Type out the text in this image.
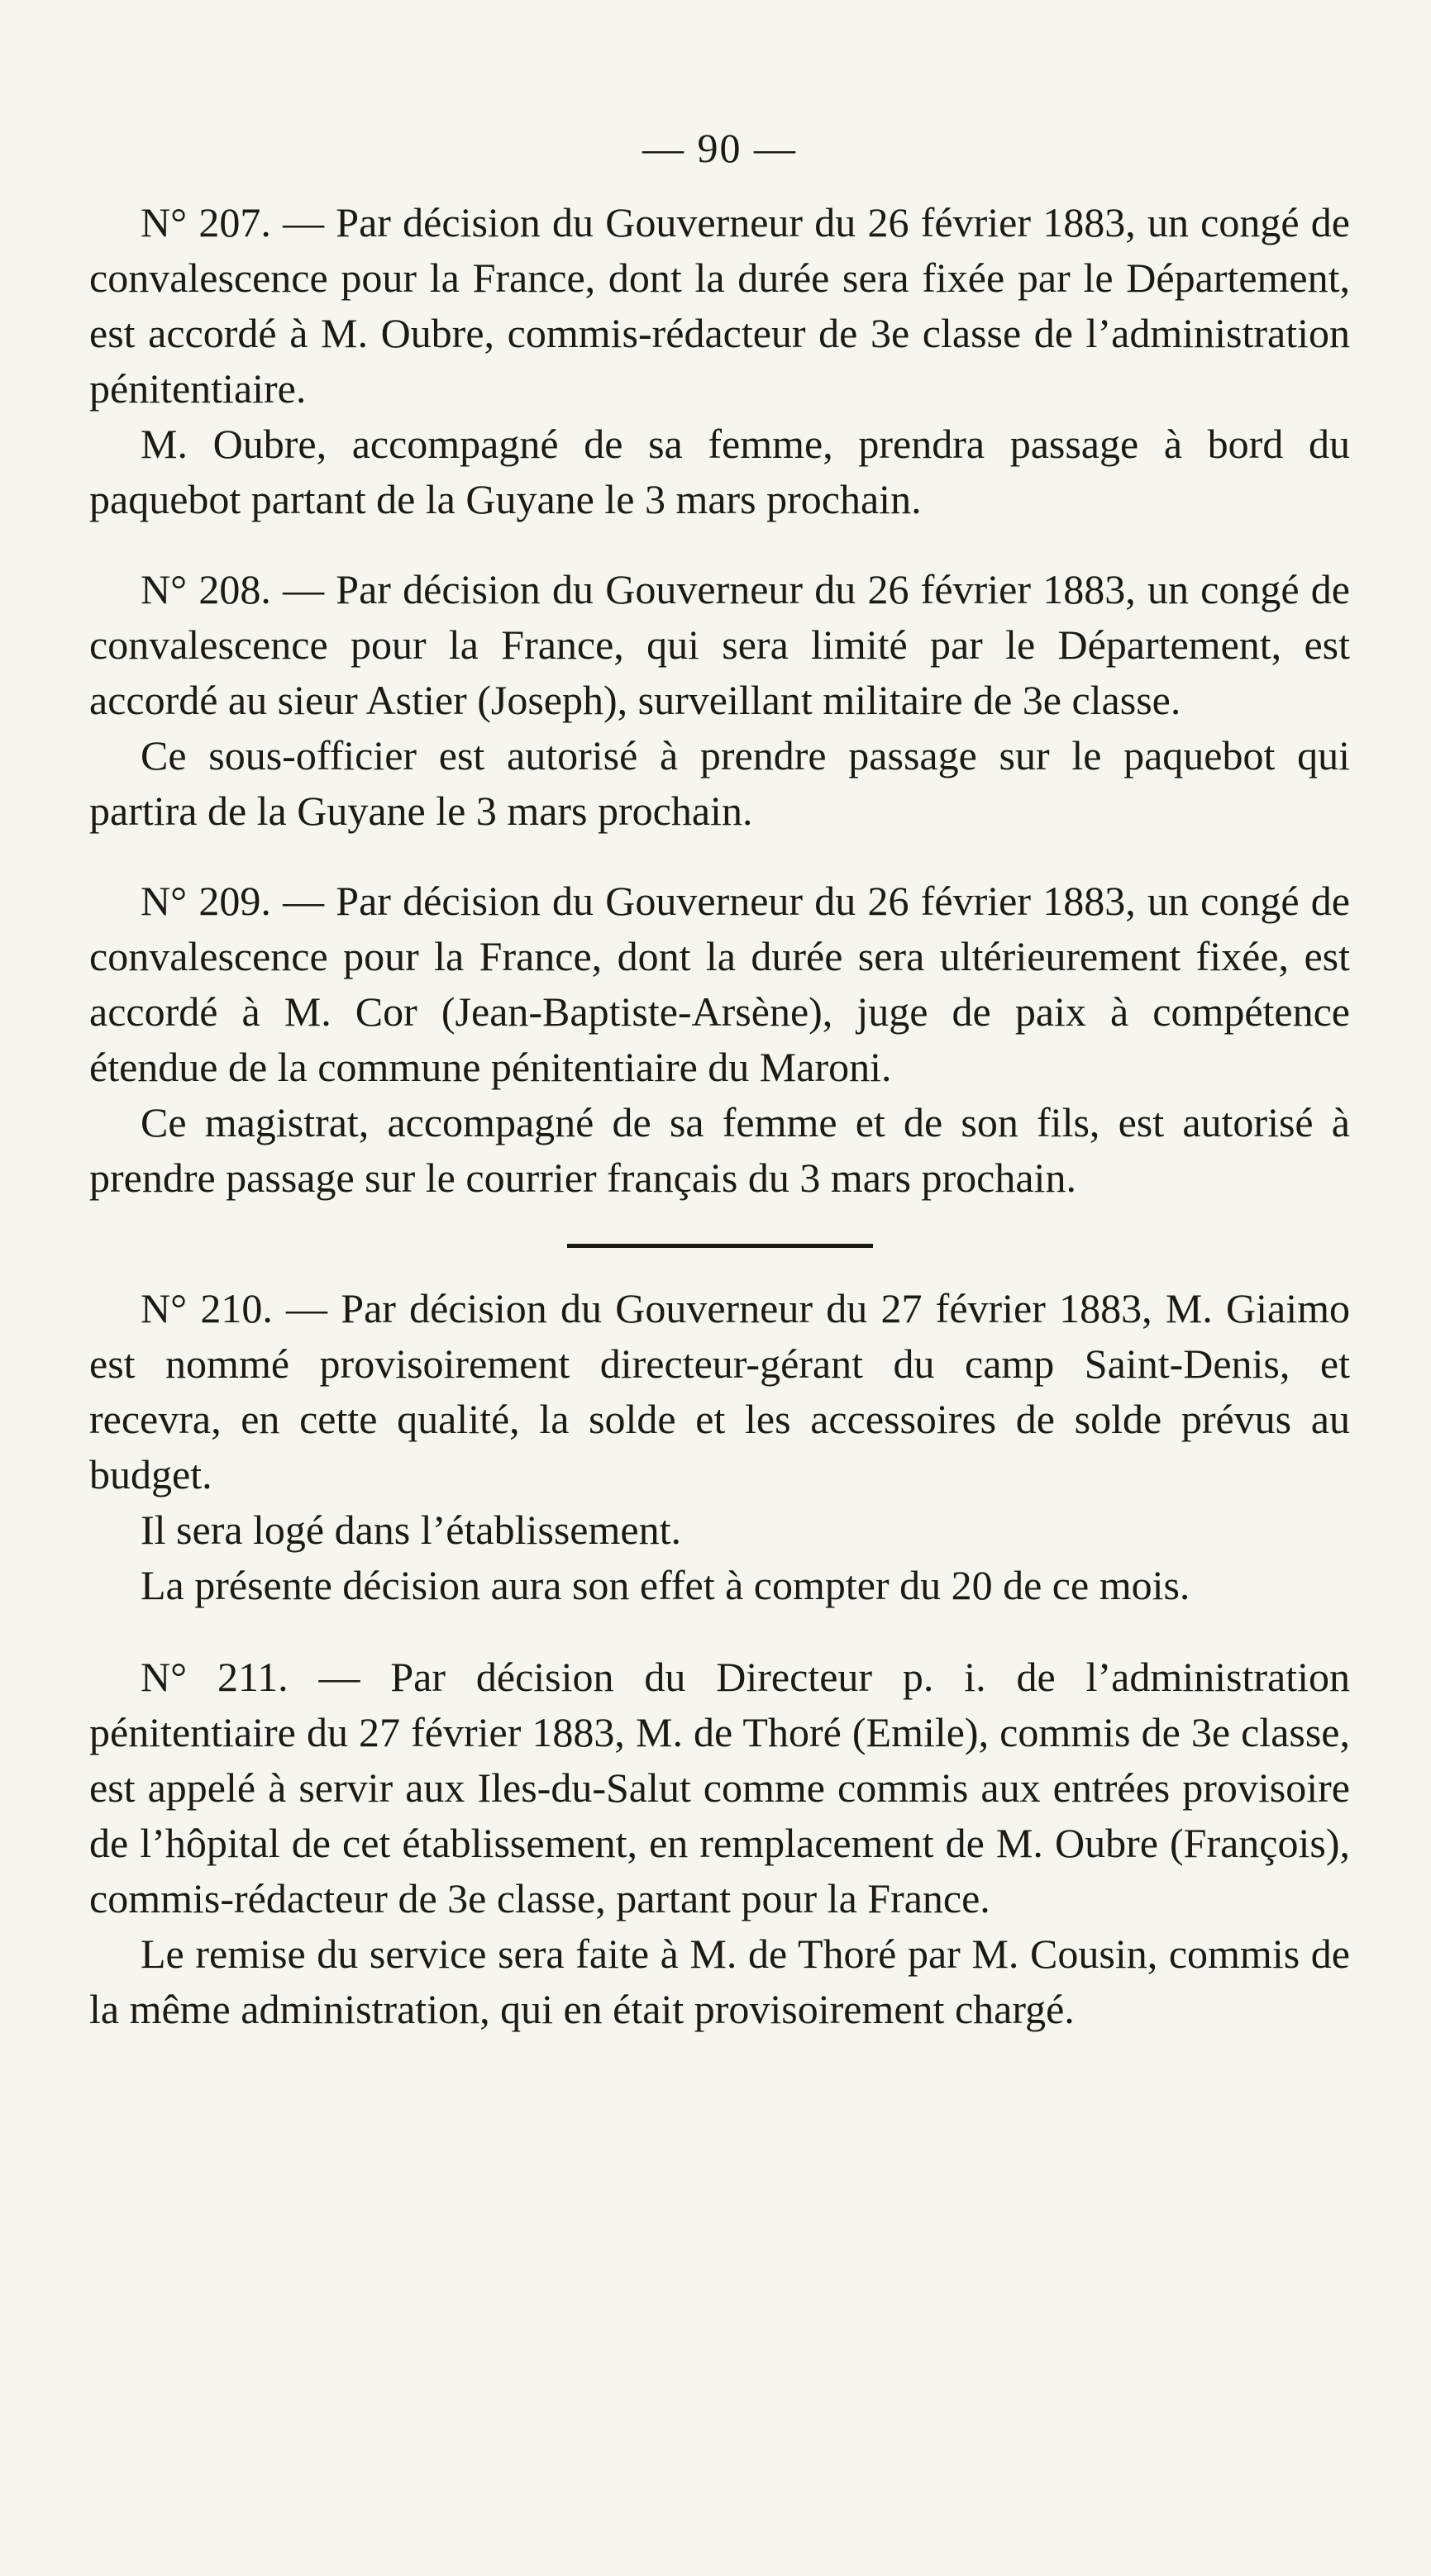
— 90 —

N° 207. — Par décision du Gouverneur du 26 février 1883, un congé de convalescence pour la France, dont la durée sera fixée par le Département, est accordé à M. Oubre, commis-rédacteur de 3e classe de l’administration pénitentiaire.

M. Oubre, accompagné de sa femme, prendra passage à bord du paquebot partant de la Guyane le 3 mars prochain.

N° 208. — Par décision du Gouverneur du 26 février 1883, un congé de convalescence pour la France, qui sera limité par le Département, est accordé au sieur Astier (Joseph), surveillant militaire de 3e classe.

Ce sous-officier est autorisé à prendre passage sur le paquebot qui partira de la Guyane le 3 mars prochain.

N° 209. — Par décision du Gouverneur du 26 février 1883, un congé de convalescence pour la France, dont la durée sera ultérieurement fixée, est accordé à M. Cor (Jean-Baptiste-Arsène), juge de paix à compétence étendue de la commune pénitentiaire du Maroni.

Ce magistrat, accompagné de sa femme et de son fils, est autorisé à prendre passage sur le courrier français du 3 mars prochain.

N° 210. — Par décision du Gouverneur du 27 février 1883, M. Giaimo est nommé provisoirement directeur-gérant du camp Saint-Denis, et recevra, en cette qualité, la solde et les accessoires de solde prévus au budget.

Il sera logé dans l’établissement.

La présente décision aura son effet à compter du 20 de ce mois.

N° 211. — Par décision du Directeur p. i. de l’administration pénitentiaire du 27 février 1883, M. de Thoré (Emile), commis de 3e classe, est appelé à servir aux Iles-du-Salut comme commis aux entrées provisoire de l’hôpital de cet établissement, en remplacement de M. Oubre (François), commis-rédacteur de 3e classe, partant pour la France.

Le remise du service sera faite à M. de Thoré par M. Cousin, commis de la même administration, qui en était provisoirement chargé.
